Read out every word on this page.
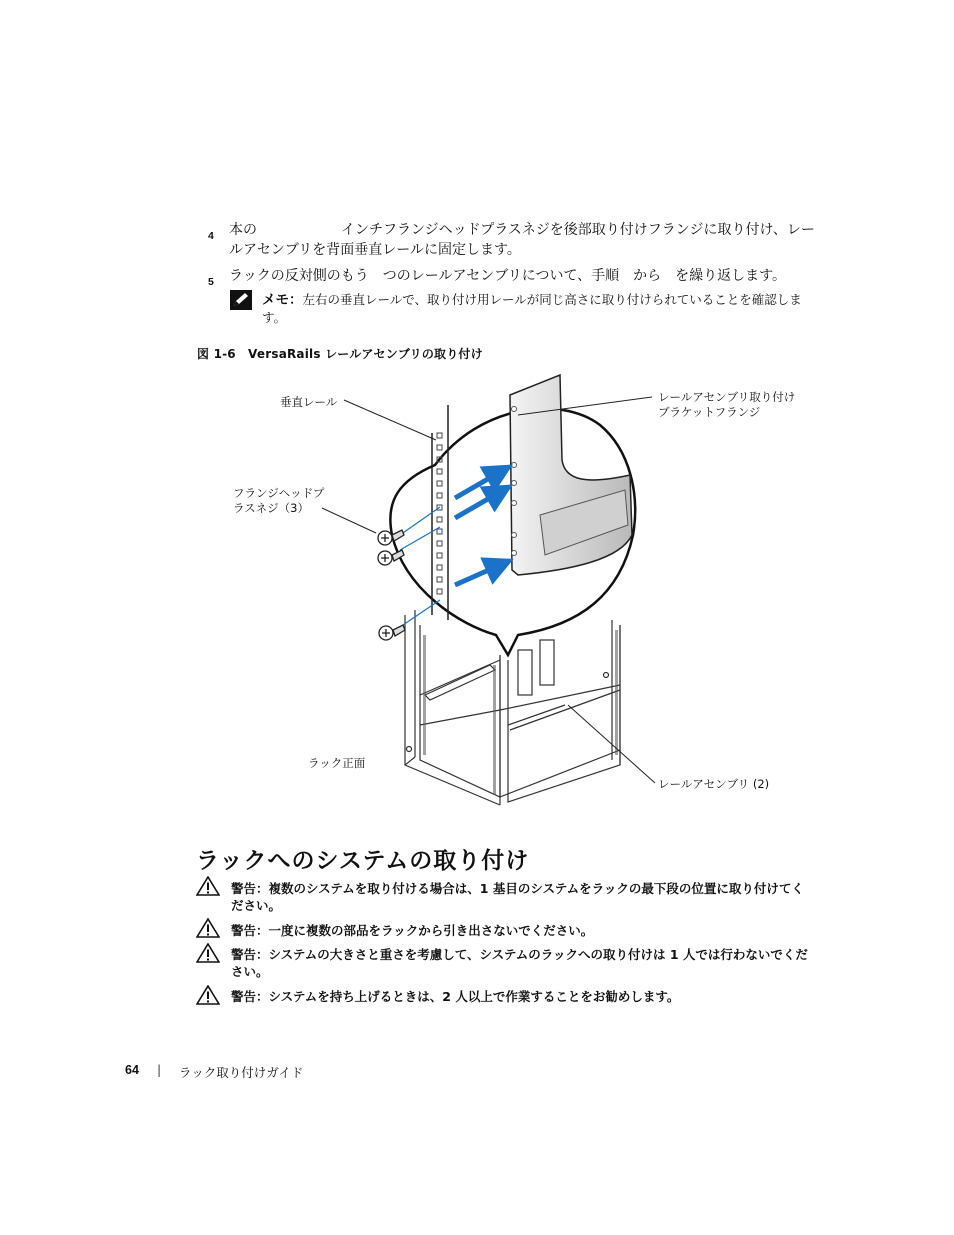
4 本の　　　　　　インチフランジヘッドプラスネジを後部取り付けフランジに取り付け、レールアセンブリを背面垂直レールに固定します。
5 ラックの反対側のもう　つのレールアセンブリについて、手順　から　を繰り返します。
メモ：左右の垂直レールで、取り付け用レールが同じ高さに取り付けられていることを確認します。
図 1-6　VersaRails レールアセンブリの取り付け
垂直レール	レールアセンブリ取り付けブラケットフランジ
フランジヘッドプラスネジ（3）
ラック正面
レールアセンブリ (2)
ラックへのシステムの取り付け
警告：複数のシステムを取り付ける場合は、1 基目のシステムをラックの最下段の位置に取り付けてください。
警告：一度に複数の部品をラックから引き出さないでください。
警告：システムの大きさと重さを考慮して、システムのラックへの取り付けは 1 人では行わないでください。
警告：システムを持ち上げるときは、2 人以上で作業することをお勧めします。
64 | ラック取り付けガイド
